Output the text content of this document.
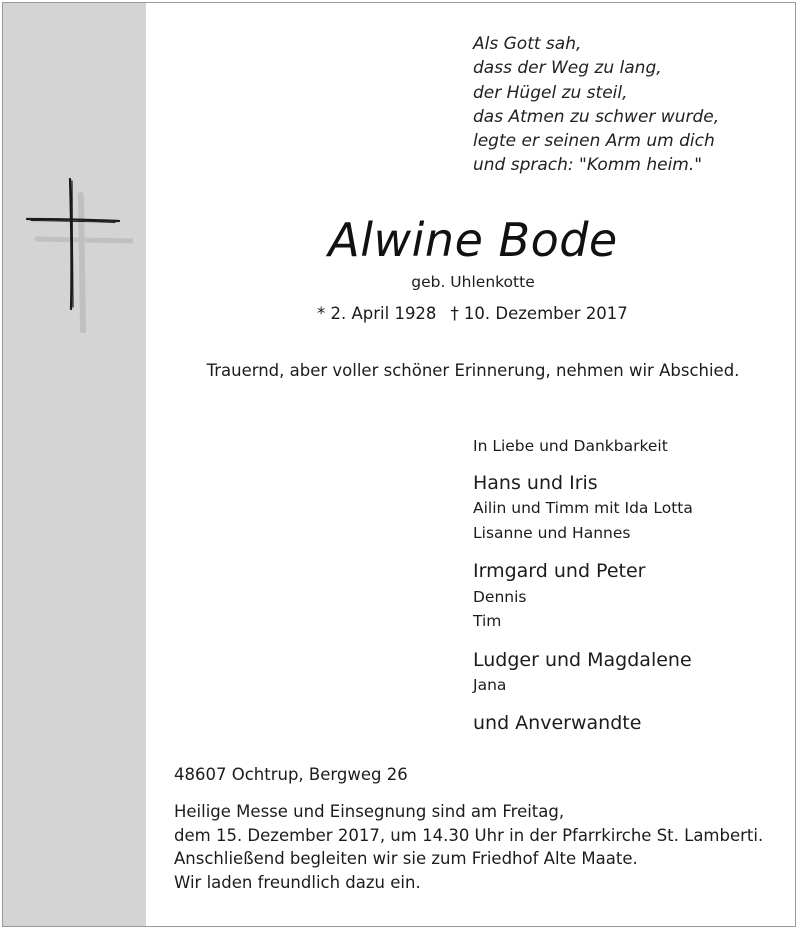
Als Gott sah,
dass der Weg zu lang,
der Hügel zu steil,
das Atmen zu schwer wurde,
legte er seinen Arm um dich
und sprach: "Komm heim."
Alwine Bode
geb. Uhlenkotte
* 2. April 1928 † 10. Dezember 2017
Trauernd, aber voller schöner Erinnerung, nehmen wir Abschied.
In Liebe und Dankbarkeit
Hans und Iris
Ailin und Timm mit Ida Lotta
Lisanne und Hannes
Irmgard und Peter
Dennis
Tim
Ludger und Magdalene
Jana
und Anverwandte
48607 Ochtrup, Bergweg 26
Heilige Messe und Einsegnung sind am Freitag,
dem 15. Dezember 2017, um 14.30 Uhr in der Pfarrkirche St. Lamberti.
Anschließend begleiten wir sie zum Friedhof Alte Maate.
Wir laden freundlich dazu ein.
